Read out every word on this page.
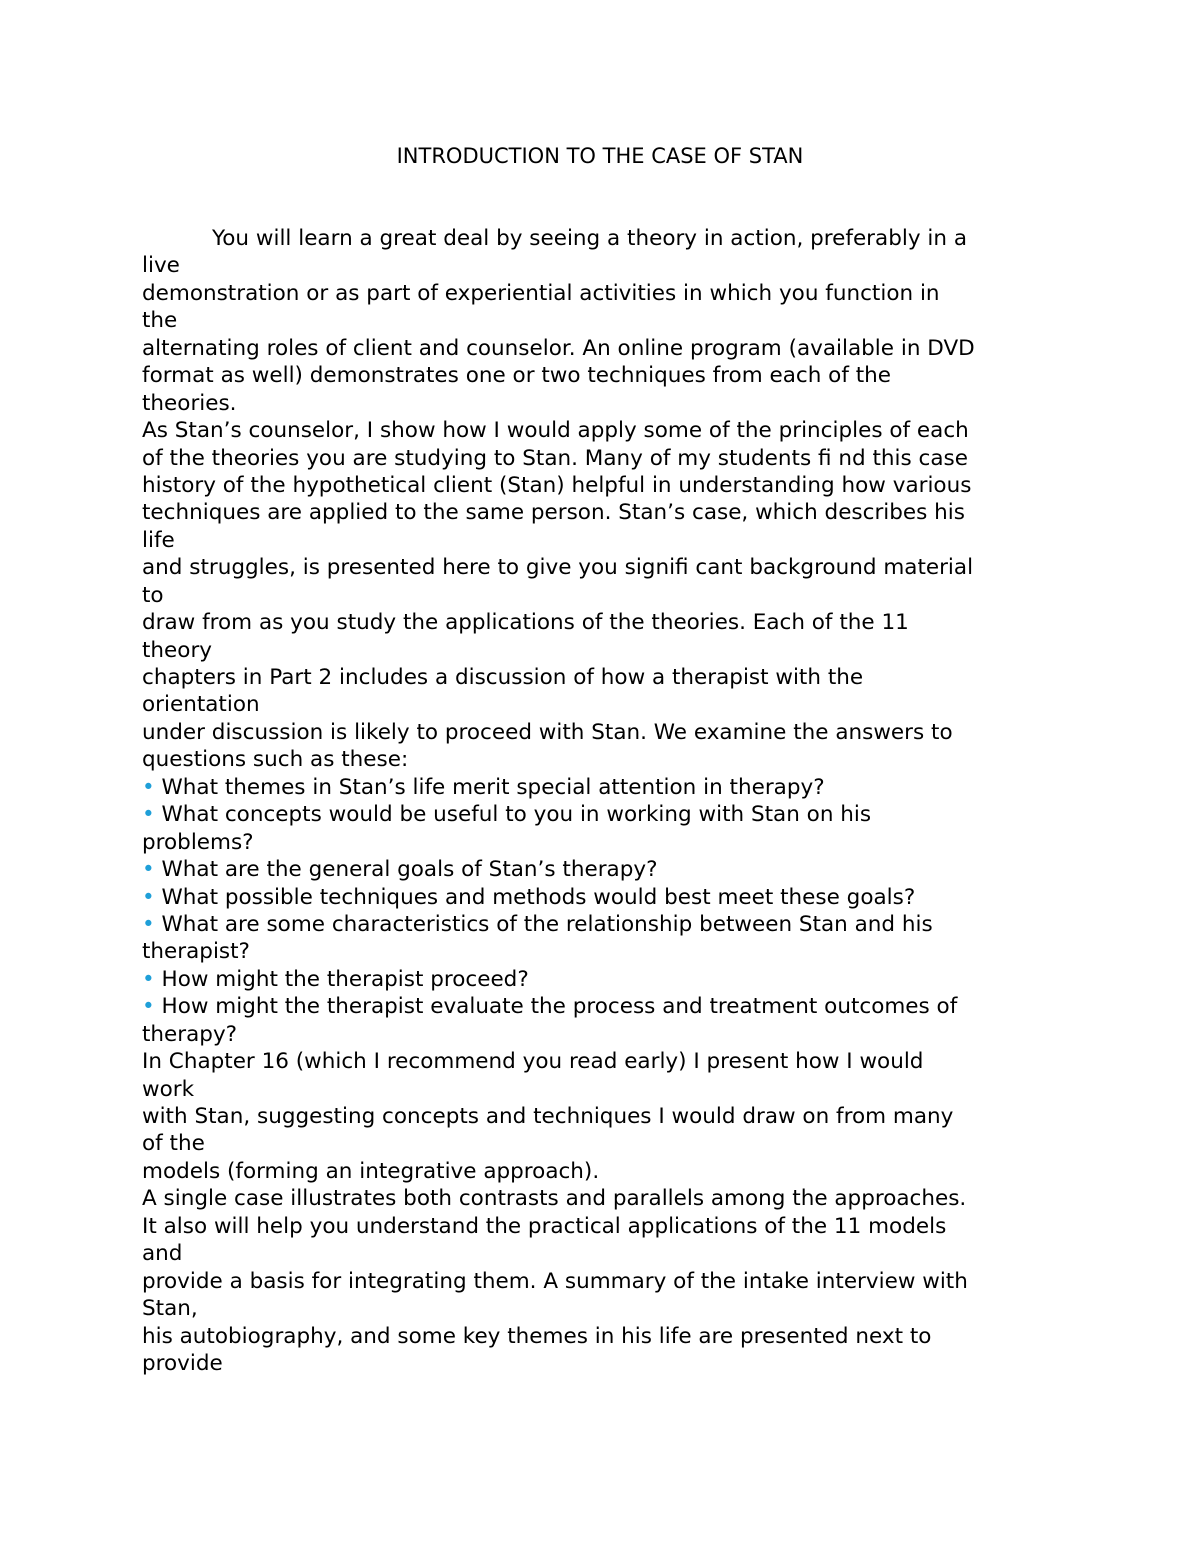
INTRODUCTION TO THE CASE OF STAN
You will learn a great deal by seeing a theory in action, preferably in a
live
demonstration or as part of experiential activities in which you function in
the
alternating roles of client and counselor. An online program (available in DVD
format as well) demonstrates one or two techniques from each of the
theories.
As Stan’s counselor, I show how I would apply some of the principles of each
of the theories you are studying to Stan. Many of my students fi nd this case
history of the hypothetical client (Stan) helpful in understanding how various
techniques are applied to the same person. Stan’s case, which describes his
life
and struggles, is presented here to give you signifi cant background material
to
draw from as you study the applications of the theories. Each of the 11
theory
chapters in Part 2 includes a discussion of how a therapist with the
orientation
under discussion is likely to proceed with Stan. We examine the answers to
questions such as these:
• What themes in Stan’s life merit special attention in therapy?
• What concepts would be useful to you in working with Stan on his
problems?
• What are the general goals of Stan’s therapy?
• What possible techniques and methods would best meet these goals?
• What are some characteristics of the relationship between Stan and his
therapist?
• How might the therapist proceed?
• How might the therapist evaluate the process and treatment outcomes of
therapy?
In Chapter 16 (which I recommend you read early) I present how I would
work
with Stan, suggesting concepts and techniques I would draw on from many
of the
models (forming an integrative approach).
A single case illustrates both contrasts and parallels among the approaches.
It also will help you understand the practical applications of the 11 models
and
provide a basis for integrating them. A summary of the intake interview with
Stan,
his autobiography, and some key themes in his life are presented next to
provide
